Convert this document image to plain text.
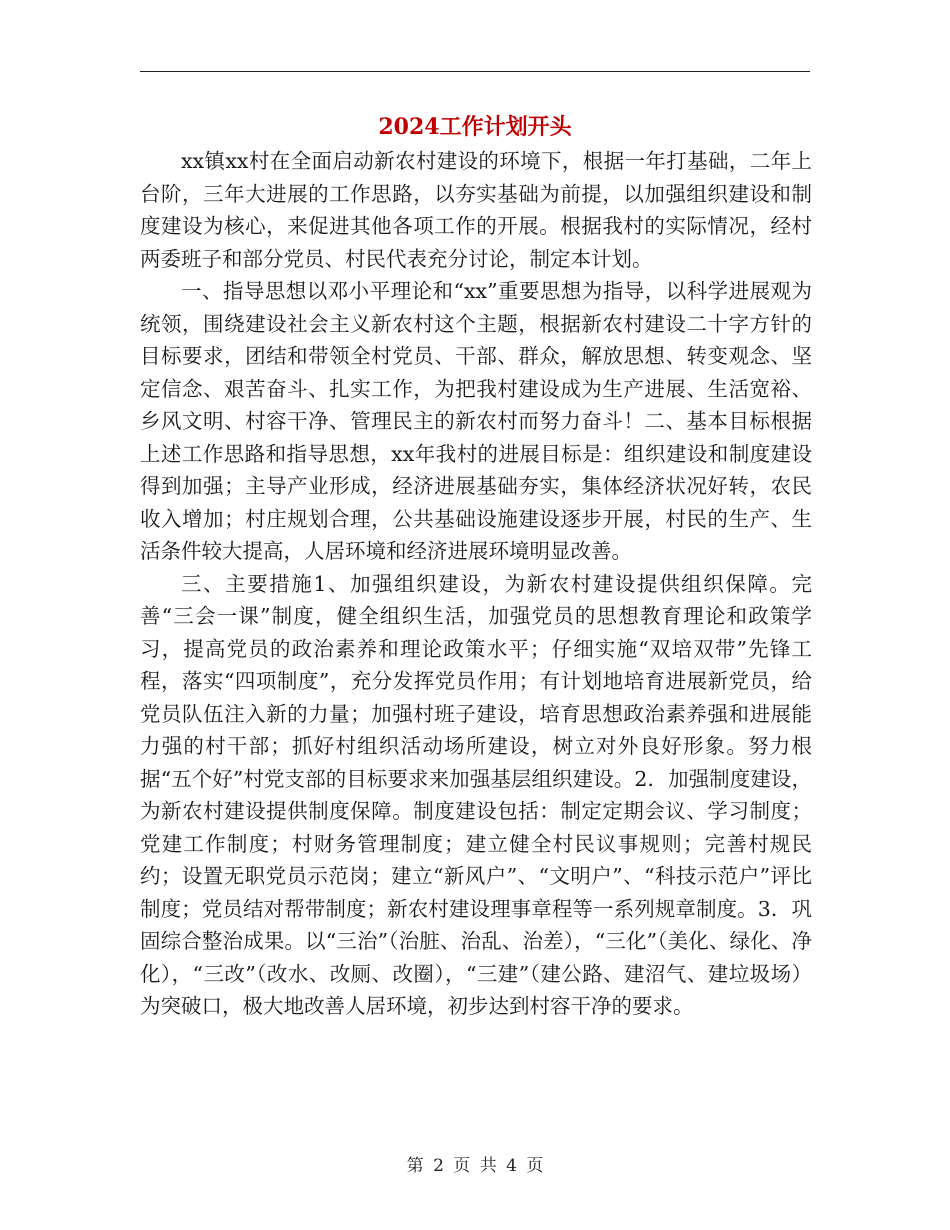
2024工作计划开头

xx镇xx村在全面启动新农村建设的环境下，根据一年打基础，二年上台阶，三年大进展的工作思路，以夯实基础为前提，以加强组织建设和制度建设为核心，来促进其他各项工作的开展。根据我村的实际情况，经村两委班子和部分党员、村民代表充分讨论，制定本计划。

一、指导思想以邓小平理论和“xx”重要思想为指导，以科学进展观为统领，围绕建设社会主义新农村这个主题，根据新农村建设二十字方针的目标要求，团结和带领全村党员、干部、群众，解放思想、转变观念、坚定信念、艰苦奋斗、扎实工作，为把我村建设成为生产进展、生活宽裕、乡风文明、村容干净、管理民主的新农村而努力奋斗！二、基本目标根据上述工作思路和指导思想，xx年我村的进展目标是：组织建设和制度建设得到加强；主导产业形成，经济进展基础夯实，集体经济状况好转，农民收入增加；村庄规划合理，公共基础设施建设逐步开展，村民的生产、生活条件较大提高，人居环境和经济进展环境明显改善。

三、主要措施1、加强组织建设，为新农村建设提供组织保障。完善“三会一课”制度，健全组织生活，加强党员的思想教育理论和政策学习，提高党员的政治素养和理论政策水平；仔细实施“双培双带”先锋工程，落实“四项制度”，充分发挥党员作用；有计划地培育进展新党员，给党员队伍注入新的力量；加强村班子建设，培育思想政治素养强和进展能力强的村干部；抓好村组织活动场所建设，树立对外良好形象。努力根据“五个好”村党支部的目标要求来加强基层组织建设。2．加强制度建设，为新农村建设提供制度保障。制度建设包括：制定定期会议、学习制度；党建工作制度；村财务管理制度；建立健全村民议事规则；完善村规民约；设置无职党员示范岗；建立“新风户”、“文明户”、“科技示范户”评比制度；党员结对帮带制度；新农村建设理事章程等一系列规章制度。3．巩固综合整治成果。以“三治”（治脏、治乱、治差），“三化”（美化、绿化、净化），“三改”（改水、改厕、改圈），“三建”（建公路、建沼气、建垃圾场）为突破口，极大地改善人居环境，初步达到村容干净的要求。

第 2 页 共 4 页
